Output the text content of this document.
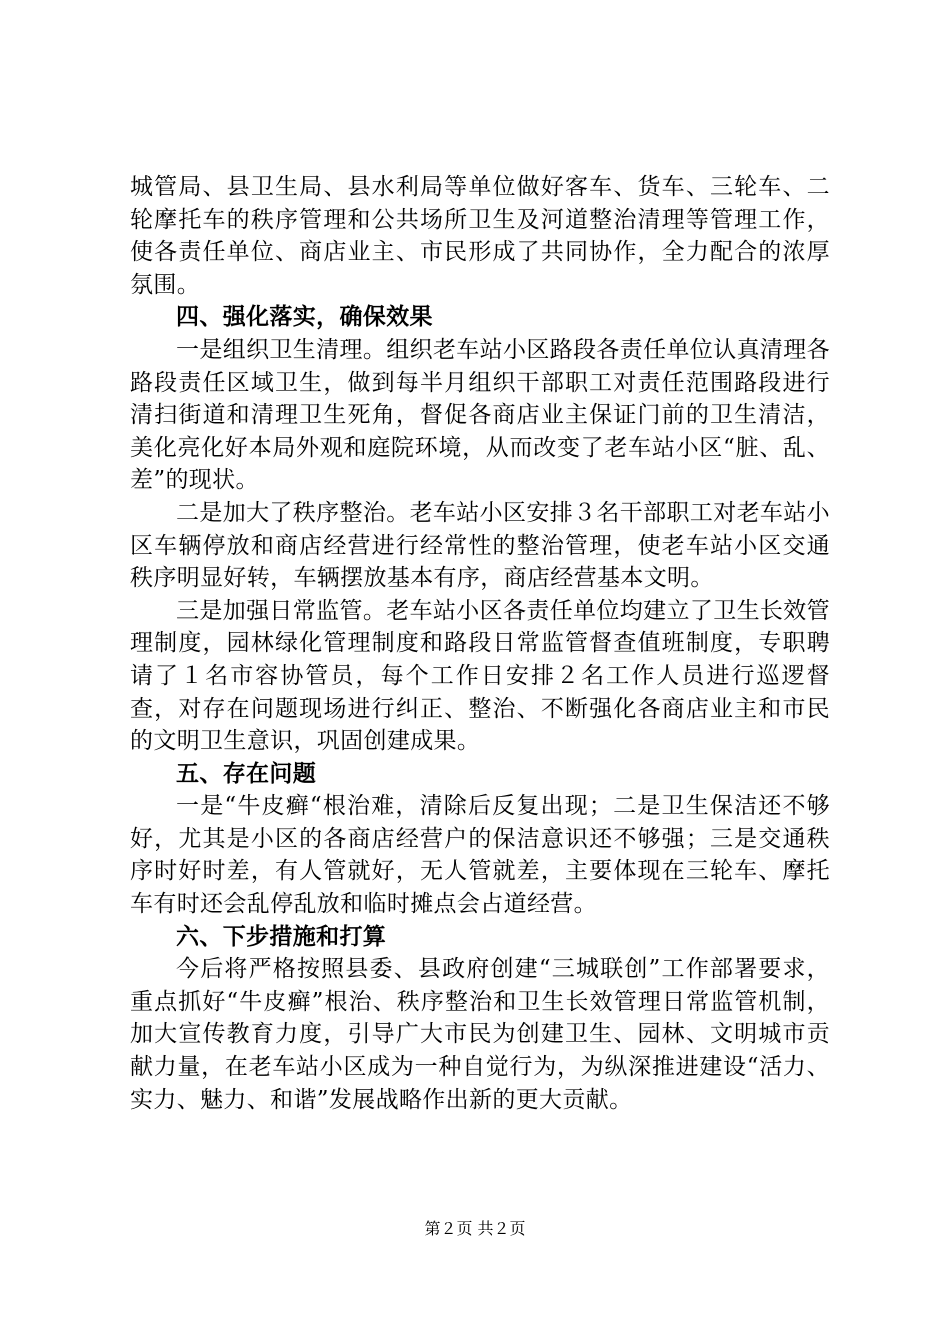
城管局、县卫生局、县水利局等单位做好客车、货车、三轮车、二轮摩托车的秩序管理和公共场所卫生及河道整治清理等管理工作，使各责任单位、商店业主、市民形成了共同协作，全力配合的浓厚氛围。

四、强化落实，确保效果

一是组织卫生清理。组织老车站小区路段各责任单位认真清理各路段责任区域卫生，做到每半月组织干部职工对责任范围路段进行清扫街道和清理卫生死角，督促各商店业主保证门前的卫生清洁，美化亮化好本局外观和庭院环境，从而改变了老车站小区“脏、乱、差”的现状。

二是加大了秩序整治。老车站小区安排３名干部职工对老车站小区车辆停放和商店经营进行经常性的整治管理，使老车站小区交通秩序明显好转，车辆摆放基本有序，商店经营基本文明。

三是加强日常监管。老车站小区各责任单位均建立了卫生长效管理制度，园林绿化管理制度和路段日常监管督查值班制度，专职聘请了１名市容协管员，每个工作日安排２名工作人员进行巡逻督查，对存在问题现场进行纠正、整治、不断强化各商店业主和市民的文明卫生意识，巩固创建成果。

五、存在问题

一是“牛皮癣“根治难，清除后反复出现；二是卫生保洁还不够好，尤其是小区的各商店经营户的保洁意识还不够强；三是交通秩序时好时差，有人管就好，无人管就差，主要体现在三轮车、摩托车有时还会乱停乱放和临时摊点会占道经营。

六、下步措施和打算

今后将严格按照县委、县政府创建“三城联创”工作部署要求，重点抓好“牛皮癣”根治、秩序整治和卫生长效管理日常监管机制，加大宣传教育力度，引导广大市民为创建卫生、园林、文明城市贡献力量，在老车站小区成为一种自觉行为，为纵深推进建设“活力、实力、魅力、和谐”发展战略作出新的更大贡献。

第２页 共２页
